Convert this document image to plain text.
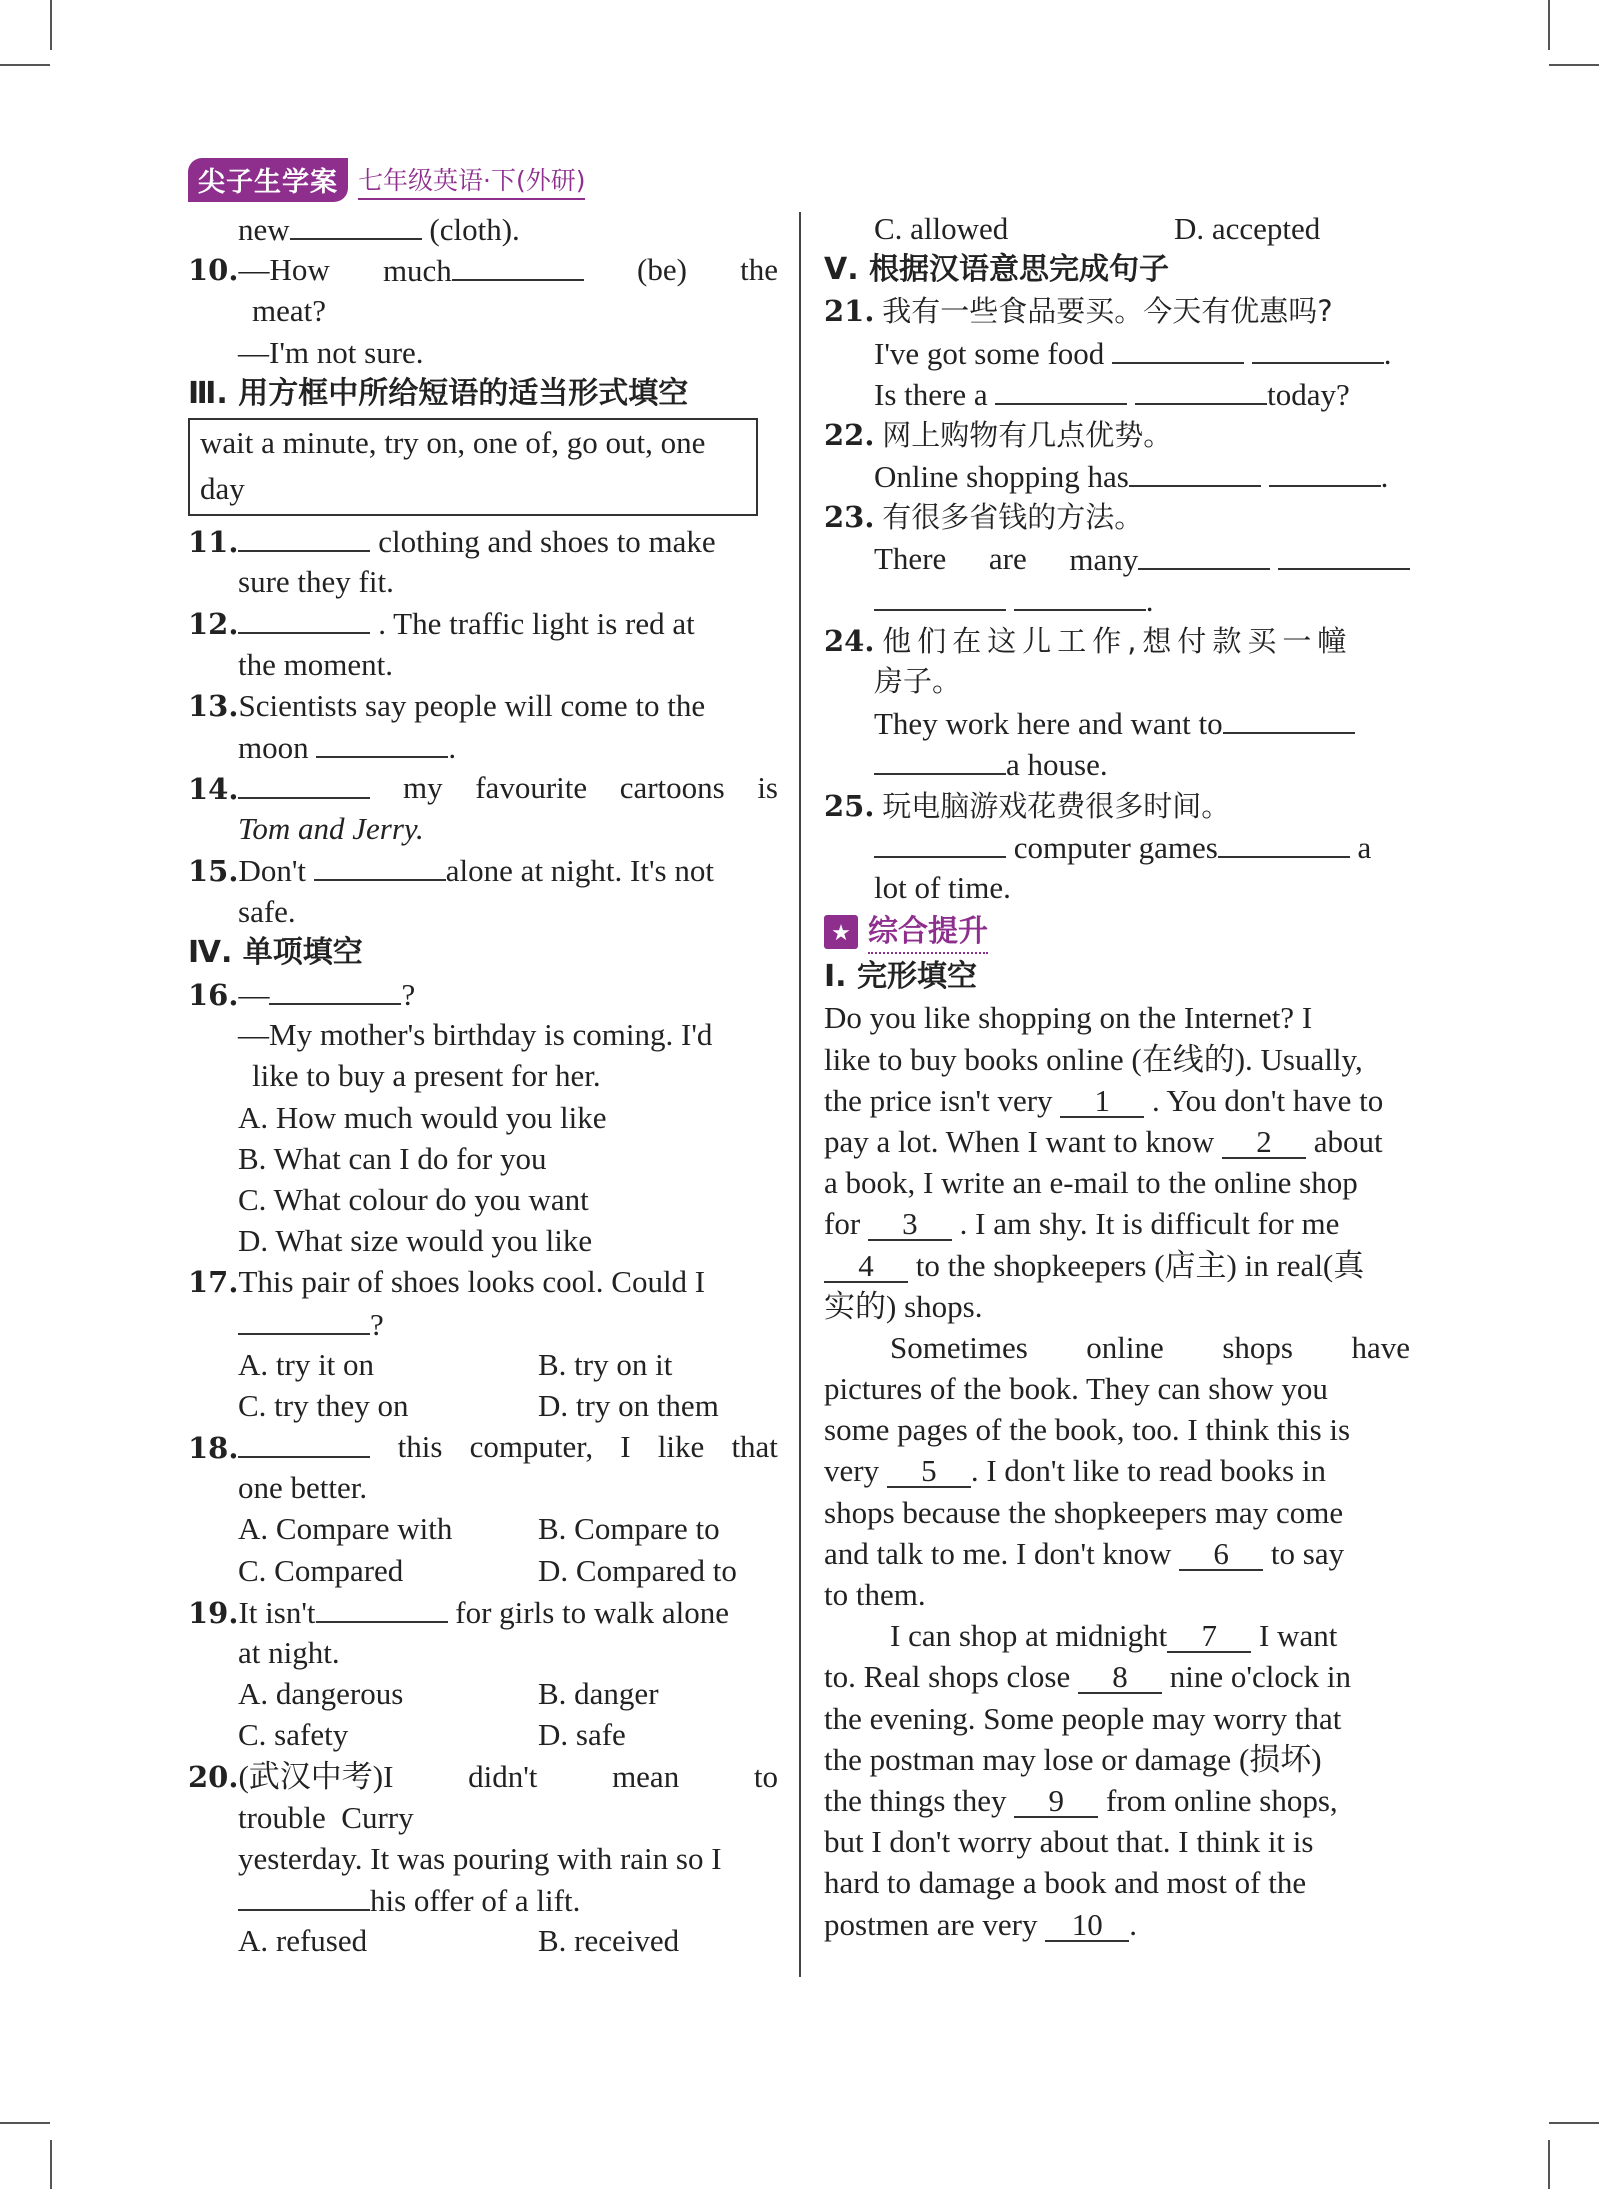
尖子生学案 七年级英语·下(外研)
new	(cloth).
10.—How much	(be) the
meat?
—I'm not sure.
Ⅲ. 用方框中所给短语的适当形式填空
wait a minute, try on, one of, go out, one
day
11.	clothing and shoes to make
sure they fit.
12.	. The traffic light is red at
the moment.
13.Scientists say people will come to the
moon	.
14.	my favourite cartoons is
Tom and Jerry.
15.Don't	alone at night. It's not
safe.
Ⅳ. 单项填空
16.—	?
—My mother's birthday is coming. I'd
like to buy a present for her.
A. How much would you like
B. What can I do for you
C. What colour do you want
D. What size would you like
17.This pair of shoes looks cool. Could I
?
A. try it on	B. try on it
C. try they on	D. try on them
18.	this computer, I like that
one better.
A. Compare with	B. Compare to
C. Compared	D. Compared to
19.It isn't	for girls to walk alone
at night.
A. dangerous	B. danger
C. safety	D. safe
20.(武汉中考)I didn't mean to
trouble  Curry
yesterday. It was pouring with rain so I
his offer of a lift.
A. refused	B. received
C. allowed	D. accepted
Ⅴ. 根据汉语意思完成句子
21. 我有一些食品要买。今天有优惠吗?
I've got some food	.
Is there a	today?
22. 网上购物有几点优势。
Online shopping has	.
23. 有很多省钱的方法。
There are many
.
24. 他们在这儿工作,想付款买一幢
房子。
They work here and want to
a house.
25. 玩电脑游戏花费很多时间。
computer games	a
lot of time.
★ 综合提升
Ⅰ. 完形填空
Do you like shopping on the Internet? I
like to buy books online (在线的). Usually,
the price isn't very 1 . You don't have to
pay a lot. When I want to know 2 about
a book, I write an e-mail to the online shop
for 3 . I am shy. It is difficult for me
4 to the shopkeepers (店主) in real(真
实的) shops.
Sometimes online shops have
pictures of the book. They can show you
some pages of the book, too. I think this is
very 5 . I don't like to read books in
shops because the shopkeepers may come
and talk to me. I don't know 6 to say
to them.
I can shop at midnight 7 I want
to. Real shops close 8 nine o'clock in
the evening. Some people may worry that
the postman may lose or damage (损坏)
the things they 9 from online shops,
but I don't worry about that. I think it is
hard to damage a book and most of the
postmen are very 10 .
